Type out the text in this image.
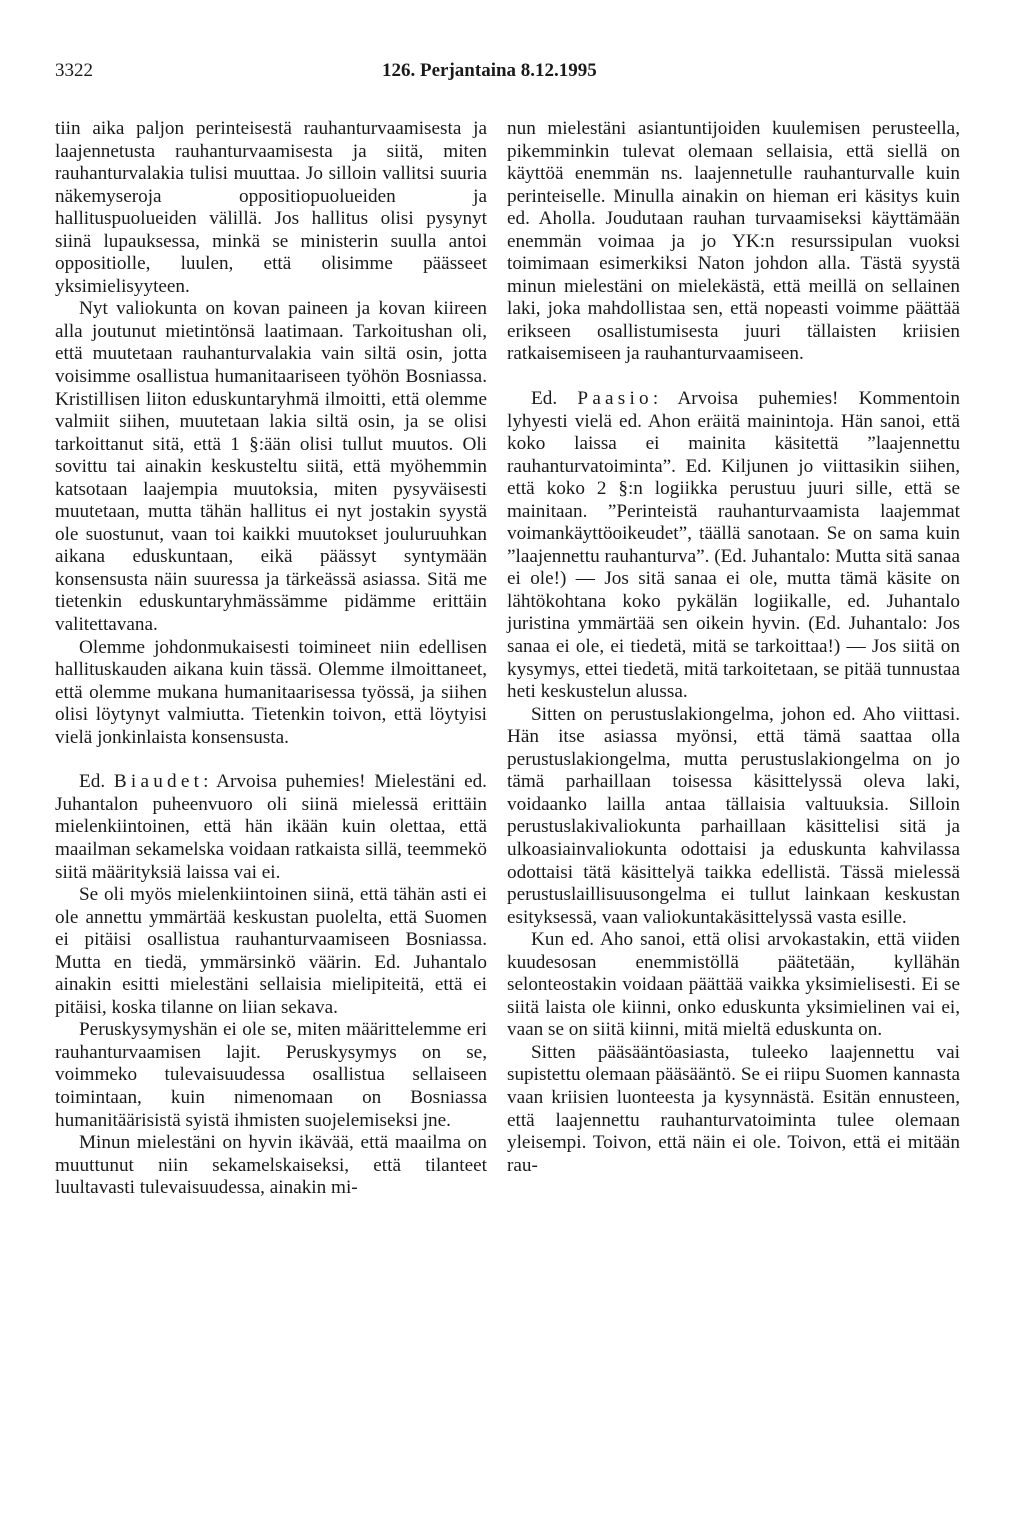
3322	126. Perjantaina 8.12.1995

tiin aika paljon perinteisestä rauhanturvaamisesta ja laajennetusta rauhanturvaamisesta ja siitä, miten rauhanturvalakia tulisi muuttaa. Jo silloin vallitsi suuria näkemyseroja oppositiopuolueiden ja hallituspuolueiden välillä. Jos hallitus olisi pysynyt siinä lupauksessa, minkä se ministerin suulla antoi oppositiolle, luulen, että olisimme päässeet yksimielisyyteen.

Nyt valiokunta on kovan paineen ja kovan kiireen alla joutunut mietintönsä laatimaan. Tarkoitushan oli, että muutetaan rauhanturvalakia vain siltä osin, jotta voisimme osallistua humanitaariseen työhön Bosniassa. Kristillisen liiton eduskuntaryhmä ilmoitti, että olemme valmiit siihen, muutetaan lakia siltä osin, ja se olisi tarkoittanut sitä, että 1 §:ään olisi tullut muutos. Oli sovittu tai ainakin keskusteltu siitä, että myöhemmin katsotaan laajempia muutoksia, miten pysyväisesti muutetaan, mutta tähän hallitus ei nyt jostakin syystä ole suostunut, vaan toi kaikki muutokset jouluruuhkan aikana eduskuntaan, eikä päässyt syntymään konsensusta näin suuressa ja tärkeässä asiassa. Sitä me tietenkin eduskuntaryhmässämme pidämme erittäin valitettavana.

Olemme johdonmukaisesti toimineet niin edellisen hallituskauden aikana kuin tässä. Olemme ilmoittaneet, että olemme mukana humanitaarisessa työssä, ja siihen olisi löytynyt valmiutta. Tietenkin toivon, että löytyisi vielä jonkinlaista konsensusta.

Ed. Biaudet: Arvoisa puhemies! Mielestäni ed. Juhantalon puheenvuoro oli siinä mielessä erittäin mielenkiintoinen, että hän ikään kuin olettaa, että maailman sekamelska voidaan ratkaista sillä, teemmekö siitä määrityksiä laissa vai ei.

Se oli myös mielenkiintoinen siinä, että tähän asti ei ole annettu ymmärtää keskustan puolelta, että Suomen ei pitäisi osallistua rauhanturvaamiseen Bosniassa. Mutta en tiedä, ymmärsinkö väärin. Ed. Juhantalo ainakin esitti mielestäni sellaisia mielipiteitä, että ei pitäisi, koska tilanne on liian sekava.

Peruskysymyshän ei ole se, miten määrittelemme eri rauhanturvaamisen lajit. Peruskysymys on se, voimmeko tulevaisuudessa osallistua sellaiseen toimintaan, kuin nimenomaan on Bosniassa humanitäärisistä syistä ihmisten suojelemiseksi jne.

Minun mielestäni on hyvin ikävää, että maailma on muuttunut niin sekamelskaiseksi, että tilanteet luultavasti tulevaisuudessa, ainakin mi-

nun mielestäni asiantuntijoiden kuulemisen perusteella, pikemminkin tulevat olemaan sellaisia, että siellä on käyttöä enemmän ns. laajennetulle rauhanturvalle kuin perinteiselle. Minulla ainakin on hieman eri käsitys kuin ed. Aholla. Joudutaan rauhan turvaamiseksi käyttämään enemmän voimaa ja jo YK:n resurssipulan vuoksi toimimaan esimerkiksi Naton johdon alla. Tästä syystä minun mielestäni on mielekästä, että meillä on sellainen laki, joka mahdollistaa sen, että nopeasti voimme päättää erikseen osallistumisesta juuri tällaisten kriisien ratkaisemiseen ja rauhanturvaamiseen.

Ed. Paasio: Arvoisa puhemies! Kommentoin lyhyesti vielä ed. Ahon eräitä mainintoja. Hän sanoi, että koko laissa ei mainita käsitettä ”laajennettu rauhanturvatoiminta”. Ed. Kiljunen jo viittasikin siihen, että koko 2 §:n logiikka perustuu juuri sille, että se mainitaan. ”Perinteistä rauhanturvaamista laajemmat voimankäyttöoikeudet”, täällä sanotaan. Se on sama kuin ”laajennettu rauhanturva”. (Ed. Juhantalo: Mutta sitä sanaa ei ole!) — Jos sitä sanaa ei ole, mutta tämä käsite on lähtökohtana koko pykälän logiikalle, ed. Juhantalo juristina ymmärtää sen oikein hyvin. (Ed. Juhantalo: Jos sanaa ei ole, ei tiedetä, mitä se tarkoittaa!) — Jos siitä on kysymys, ettei tiedetä, mitä tarkoitetaan, se pitää tunnustaa heti keskustelun alussa.

Sitten on perustuslakiongelma, johon ed. Aho viittasi. Hän itse asiassa myönsi, että tämä saattaa olla perustuslakiongelma, mutta perustuslakiongelma on jo tämä parhaillaan toisessa käsittelyssä oleva laki, voidaanko lailla antaa tällaisia valtuuksia. Silloin perustuslakivaliokunta parhaillaan käsittelisi sitä ja ulkoasiainvaliokunta odottaisi ja eduskunta kahvilassa odottaisi tätä käsittelyä taikka edellistä. Tässä mielessä perustuslaillisuusongelma ei tullut lainkaan keskustan esityksessä, vaan valiokuntakäsittelyssä vasta esille.

Kun ed. Aho sanoi, että olisi arvokastakin, että viiden kuudesosan enemmistöllä päätetään, kyllähän selonteostakin voidaan päättää vaikka yksimielisesti. Ei se siitä laista ole kiinni, onko eduskunta yksimielinen vai ei, vaan se on siitä kiinni, mitä mieltä eduskunta on.

Sitten pääsääntöasiasta, tuleeko laajennettu vai supistettu olemaan pääsääntö. Se ei riipu Suomen kannasta vaan kriisien luonteesta ja kysynnästä. Esitän ennusteen, että laajennettu rauhanturvatoiminta tulee olemaan yleisempi. Toivon, että näin ei ole. Toivon, että ei mitään rau-
